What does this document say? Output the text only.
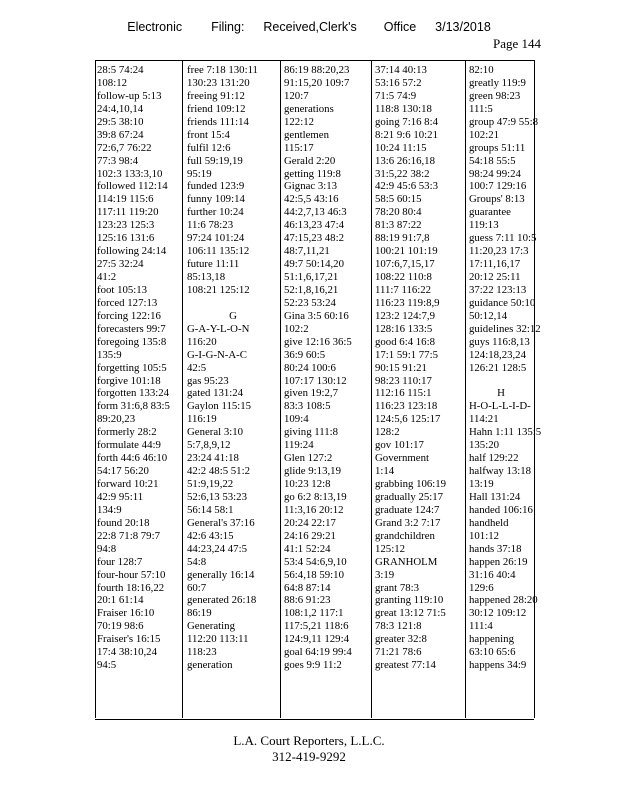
Electronic Filing: Received,Clerk's Office 3/13/2018
Page 144
28:5 74:24
108:12
follow-up 5:13
24:4,10,14
29:5 38:10
39:8 67:24
72:6,7 76:22
77:3 98:4
102:3 133:3,10
followed 112:14
114:19 115:6
117:11 119:20
123:23 125:3
125:16 131:6
following 24:14
27:5 32:24
41:2
foot 105:13
forced 127:13
forcing 122:16
forecasters 99:7
foregoing 135:8
135:9
forgetting 105:5
forgive 101:18
forgotten 133:24
form 31:6,8 83:5
89:20,23
formerly 28:2
formulate 44:9
forth 44:6 46:10
54:17 56:20
forward 10:21
42:9 95:11
134:9
found 20:18
22:8 71:8 79:7
94:8
four 128:7
four-hour 57:10
fourth 18:16,22
20:1 61:14
Fraiser 16:10
70:19 98:6
Fraiser's 16:15
17:4 38:10,24
94:5
free 7:18 130:11
130:23 131:20
freeing 91:12
friend 109:12
friends 111:14
front 15:4
fulfil 12:6
full 59:19,19
95:19
funded 123:9
funny 109:14
further 10:24
11:6 78:23
97:24 101:24
106:11 135:12
future 11:11
85:13,18
108:21 125:12
G
G-A-Y-L-O-N
116:20
G-I-G-N-A-C
42:5
gas 95:23
gated 131:24
Gaylon 115:15
116:19
General 3:10
5:7,8,9,12
23:24 41:18
42:2 48:5 51:2
51:9,19,22
52:6,13 53:23
56:14 58:1
General's 37:16
42:6 43:15
44:23,24 47:5
54:8
generally 16:14
60:7
generated 26:18
86:19
Generating
112:20 113:11
118:23
generation
86:19 88:20,23
91:15,20 109:7
120:7
generations
122:12
gentlemen
115:17
Gerald 2:20
getting 119:8
Gignac 3:13
42:5,5 43:16
44:2,7,13 46:3
46:13,23 47:4
47:15,23 48:2
48:7,11,21
49:7 50:14,20
51:1,6,17,21
52:1,8,16,21
52:23 53:24
Gina 3:5 60:16
102:2
give 12:16 36:5
36:9 60:5
80:24 100:6
107:17 130:12
given 19:2,7
83:3 108:5
109:4
giving 111:8
119:24
Glen 127:2
glide 9:13,19
10:23 12:8
go 6:2 8:13,19
11:3,16 20:12
20:24 22:17
24:16 29:21
41:1 52:24
53:4 54:6,9,10
56:4,18 59:10
64:8 87:14
88:6 91:23
108:1,2 117:1
117:5,21 118:6
124:9,11 129:4
goal 64:19 99:4
goes 9:9 11:2
37:14 40:13
53:16 57:2
71:5 74:9
118:8 130:18
going 7:16 8:4
8:21 9:6 10:21
10:24 11:15
13:6 26:16,18
31:5,22 38:2
42:9 45:6 53:3
58:5 60:15
78:20 80:4
81:3 87:22
88:19 91:7,8
100:21 101:19
107:6,7,15,17
108:22 110:8
111:7 116:22
116:23 119:8,9
123:2 124:7,9
128:16 133:5
good 6:4 16:8
17:1 59:1 77:5
90:15 91:21
98:23 110:17
112:16 115:1
116:23 123:18
124:5,6 125:17
128:2
gov 101:17
Government
1:14
grabbing 106:19
gradually 25:17
graduate 124:7
Grand 3:2 7:17
grandchildren
125:12
GRANHOLM
3:19
grant 78:3
granting 119:10
great 13:12 71:5
78:3 121:8
greater 32:8
71:21 78:6
greatest 77:14
82:10
greatly 119:9
green 98:23
111:5
group 47:9 55:8
102:21
groups 51:11
54:18 55:5
98:24 99:24
100:7 129:16
Groups' 8:13
guarantee
119:13
guess 7:11 10:5
11:20,23 17:3
17:11,16,17
20:12 25:11
37:22 123:13
guidance 50:10
50:12,14
guidelines 32:12
guys 116:8,13
124:18,23,24
126:21 128:5
H
H-O-L-L-I-D-
114:21
Hahn 1:11 135:5
135:20
half 129:22
halfway 13:18
13:19
Hall 131:24
handed 106:16
handheld
101:12
hands 37:18
happen 26:19
31:16 40:4
129:6
happened 28:20
30:12 109:12
111:4
happening
63:10 65:6
happens 34:9
L.A. Court Reporters, L.L.C.
312-419-9292
